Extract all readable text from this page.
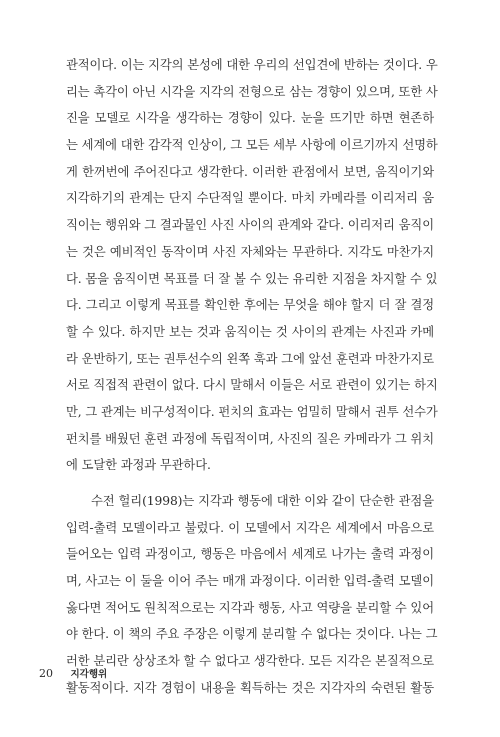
관적이다. 이는 지각의 본성에 대한 우리의 선입견에 반하는 것이다. 우
리는 촉각이 아닌 시각을 지각의 전형으로 삼는 경향이 있으며, 또한 사
진을 모델로 시각을 생각하는 경향이 있다. 눈을 뜨기만 하면 현존하
는 세계에 대한 감각적 인상이, 그 모든 세부 사항에 이르기까지 선명하
게 한꺼번에 주어진다고 생각한다. 이러한 관점에서 보면, 움직이기와
지각하기의 관계는 단지 수단적일 뿐이다. 마치 카메라를 이리저리 움
직이는 행위와 그 결과물인 사진 사이의 관계와 같다. 이리저리 움직이
는 것은 예비적인 동작이며 사진 자체와는 무관하다. 지각도 마찬가지
다. 몸을 움직이면 목표를 더 잘 볼 수 있는 유리한 지점을 차지할 수 있
다. 그리고 이렇게 목표를 확인한 후에는 무엇을 해야 할지 더 잘 결정
할 수 있다. 하지만 보는 것과 움직이는 것 사이의 관계는 사진과 카메
라 운반하기, 또는 권투선수의 왼쪽 훅과 그에 앞선 훈련과 마찬가지로
서로 직접적 관련이 없다. 다시 말해서 이들은 서로 관련이 있기는 하지
만, 그 관계는 비구성적이다. 펀치의 효과는 엄밀히 말해서 권투 선수가
펀치를 배웠던 훈련 과정에 독립적이며, 사진의 질은 카메라가 그 위치
에 도달한 과정과 무관하다.
수전 헐리(1998)는 지각과 행동에 대한 이와 같이 단순한 관점을
입력-출력 모델이라고 불렀다. 이 모델에서 지각은 세계에서 마음으로
들어오는 입력 과정이고, 행동은 마음에서 세계로 나가는 출력 과정이
며, 사고는 이 둘을 이어 주는 매개 과정이다. 이러한 입력-출력 모델이
옳다면 적어도 원칙적으로는 지각과 행동, 사고 역량을 분리할 수 있어
야 한다. 이 책의 주요 주장은 이렇게 분리할 수 없다는 것이다. 나는 그
러한 분리란 상상조차 할 수 없다고 생각한다. 모든 지각은 본질적으로
활동적이다. 지각 경험이 내용을 획득하는 것은 지각자의 숙련된 활동
20 지각행위
